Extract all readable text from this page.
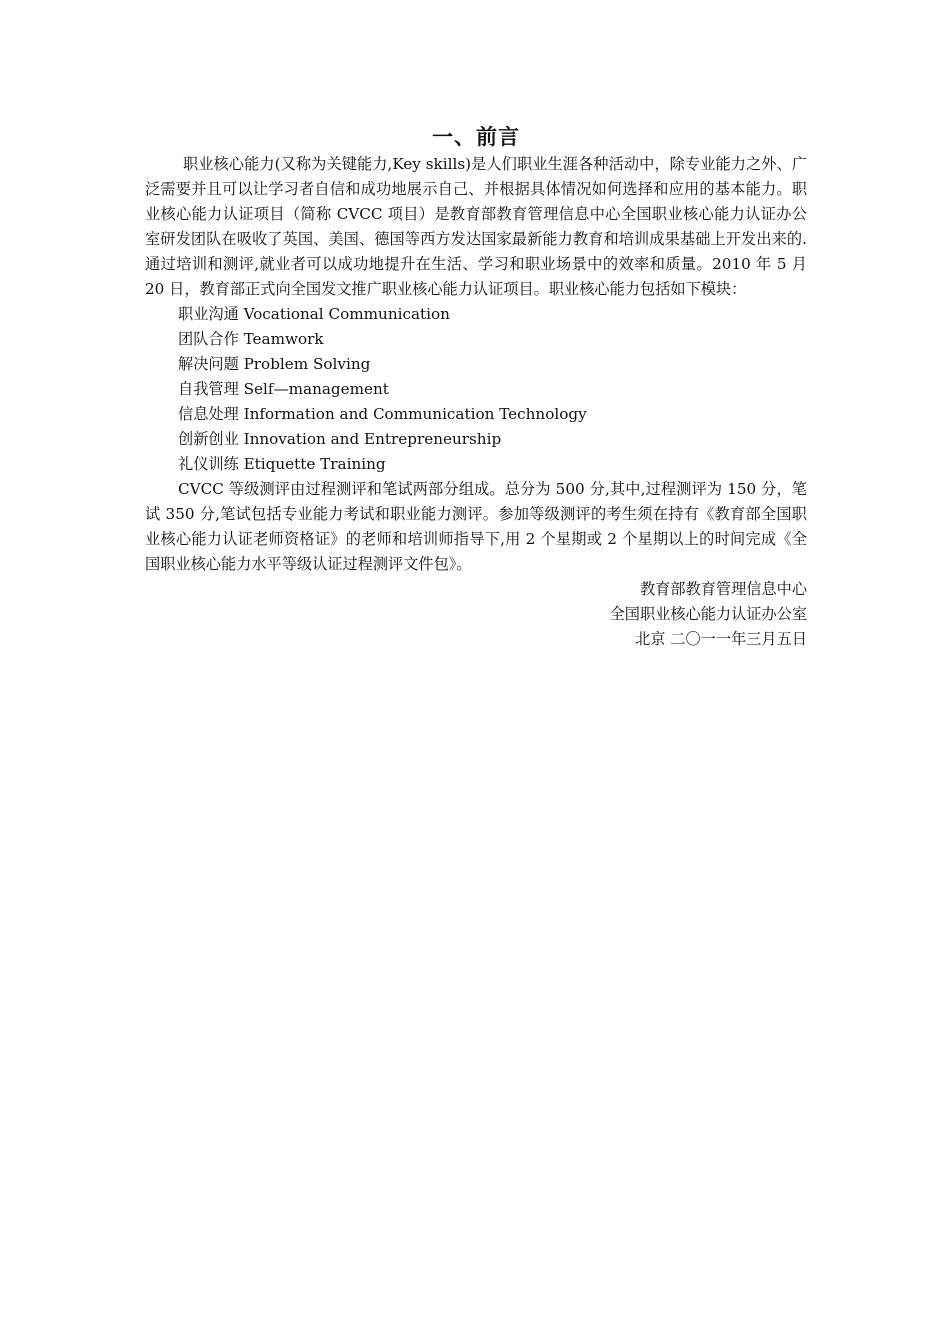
一、前言

职业核心能力(又称为关键能力,Key skills)是人们职业生涯各种活动中，除专业能力之外、广泛需要并且可以让学习者自信和成功地展示自己、并根据具体情况如何选择和应用的基本能力。职业核心能力认证项目（简称 CVCC 项目）是教育部教育管理信息中心全国职业核心能力认证办公室研发团队在吸收了英国、美国、德国等西方发达国家最新能力教育和培训成果基础上开发出来的.通过培训和测评,就业者可以成功地提升在生活、学习和职业场景中的效率和质量。2010 年 5 月 20 日，教育部正式向全国发文推广职业核心能力认证项目。职业核心能力包括如下模块：

职业沟通 Vocational Communication
团队合作 Teamwork
解决问题 Problem Solving
自我管理 Self—management
信息处理 Information and Communication Technology
创新创业 Innovation and Entrepreneurship
礼仪训练 Etiquette Training

CVCC 等级测评由过程测评和笔试两部分组成。总分为 500 分,其中,过程测评为 150 分，笔试 350 分,笔试包括专业能力考试和职业能力测评。参加等级测评的考生须在持有《教育部全国职业核心能力认证老师资格证》的老师和培训师指导下,用 2 个星期或 2 个星期以上的时间完成《全国职业核心能力水平等级认证过程测评文件包》。

教育部教育管理信息中心
全国职业核心能力认证办公室
北京 二〇一一年三月五日
